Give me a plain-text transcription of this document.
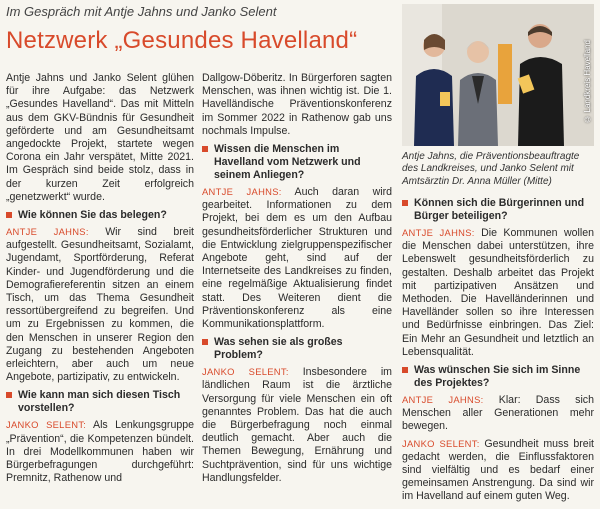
Im Gespräch mit Antje Jahns und Janko Selent
Netzwerk „Gesundes Havelland“	© Landkreis Havelland
Antje Jahns, die Präventionsbeauftragte des Landkreises, und Janko Selent mit Amtsärztin Dr. Anna Müller (Mitte)

Antje Jahns und Janko Selent glühen für ihre Aufgabe: das Netzwerk „Gesundes Havelland“. Das mit Mitteln aus dem GKV-Bündnis für Gesundheit geförderte und am Gesundheitsamt angedockte Projekt, startete wegen Corona ein Jahr verspätet, Mitte 2021. Im Gespräch sind beide stolz, dass in der kurzen Zeit erfolgreich „genetzwerkt“ wurde.

Wie können Sie das belegen?

ANTJE JAHNS: Wir sind breit aufgestellt. Gesundheitsamt, Sozialamt, Jugendamt, Sportförderung, Referat Kinder- und Jugendförderung und die Demografiereferentin sitzen an einem Tisch, um das Thema Gesundheit ressortübergreifend zu begreifen. Und um zu Ergebnissen zu kommen, die den Menschen in unserer Region den Zugang zu bestehenden Angeboten erleichtern, aber auch um neue Angebote, partizipativ, zu entwickeln.

Wie kann man sich diesen Tisch vorstellen?

JANKO SELENT: Als Lenkungsgruppe „Prävention“, die Kompetenzen bündelt. In drei Modellkommunen haben wir Bürgerbefragungen durchgeführt: Premnitz, Rathenow und

Dallgow-Döberitz. In Bürgerforen sagten Menschen, was ihnen wichtig ist. Die 1. Havelländische Präventionskonferenz im Sommer 2022 in Rathenow gab uns nochmals Impulse.

Wissen die Menschen im Havelland vom Netzwerk und seinem Anliegen?

ANTJE JAHNS: Auch daran wird gearbeitet. Informationen zu dem Projekt, bei dem es um den Aufbau gesundheitsförderlicher Strukturen und die Entwicklung zielgruppenspezifischer Angebote geht, sind auf der Internetseite des Landkreises zu finden, eine regelmäßige Aktualisierung findet statt. Des Weiteren dient die Präventionskonferenz als eine Kommunikationsplattform.

Was sehen sie als großes Problem?

JANKO SELENT: Insbesondere im ländlichen Raum ist die ärztliche Versorgung für viele Menschen ein oft genanntes Problem. Das hat die auch die Bürgerbefragung noch einmal deutlich gemacht. Aber auch die Themen Bewegung, Ernährung und Suchtprävention, sind für uns wichtige Handlungsfelder.

Können sich die Bürgerinnen und Bürger beteiligen?

ANTJE JAHNS: Die Kommunen wollen die Menschen dabei unterstützen, ihre Lebenswelt gesundheitsförderlich zu gestalten. Deshalb arbeitet das Projekt mit partizipativen Ansätzen und Methoden. Die Havelländerinnen und Havelländer sollen so ihre Interessen und Bedürfnisse einbringen. Das Ziel: Ein Mehr an Gesundheit und letztlich an Lebensqualität.

Was wünschen Sie sich im Sinne des Projektes?

ANTJE JAHNS: Klar: Dass sich Menschen aller Generationen mehr bewegen.

JANKO SELENT: Gesundheit muss breit gedacht werden, die Einflussfaktoren sind vielfältig und es bedarf einer gemeinsamen Anstrengung. Da sind wir im Havelland auf einem guten Weg.
